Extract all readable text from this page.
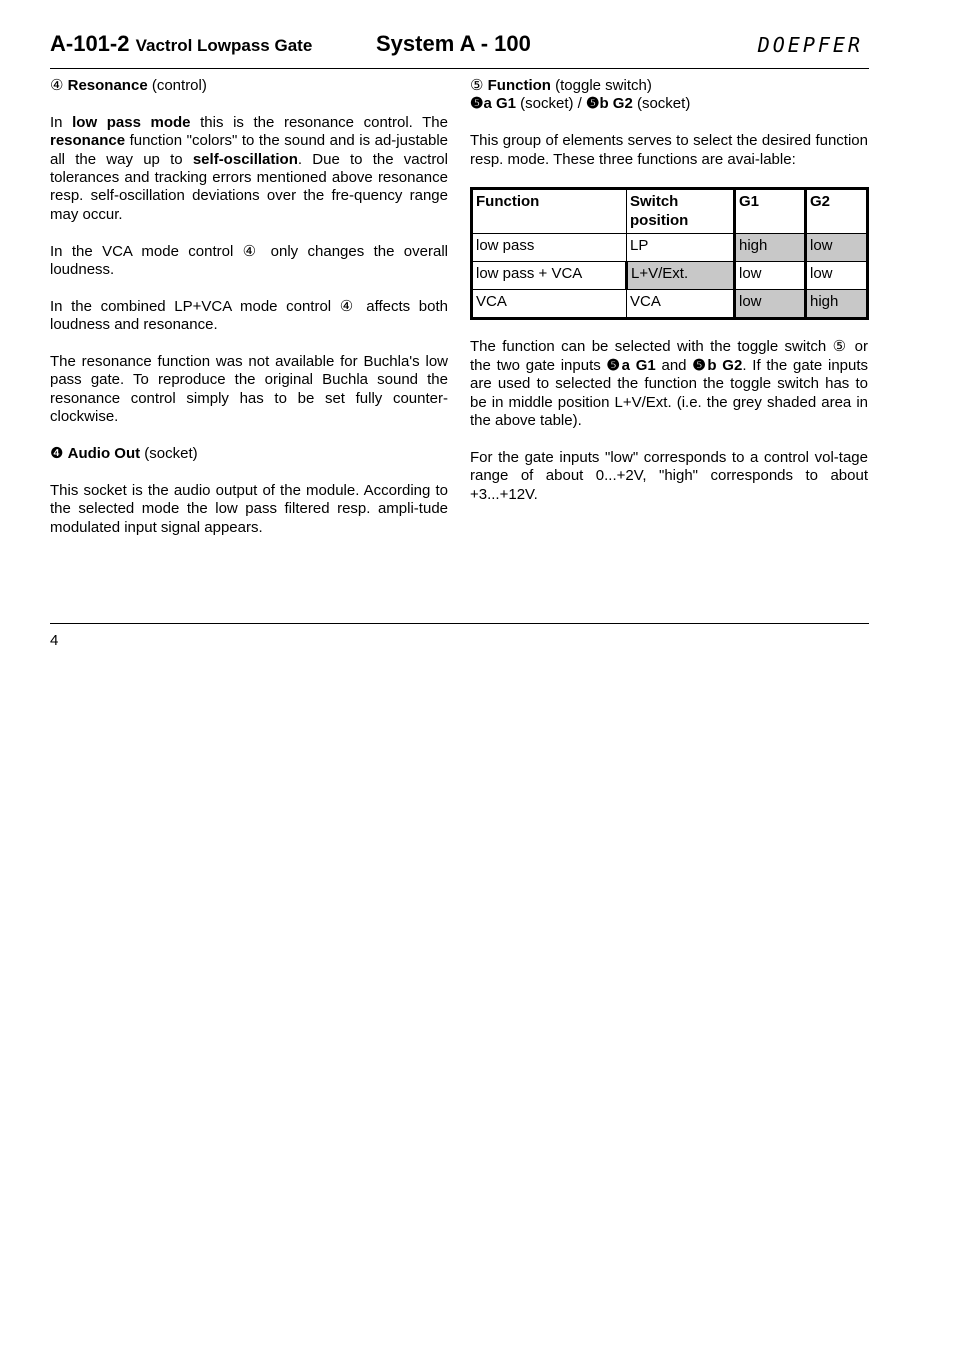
A-101-2 Vactrol Lowpass Gate	System A - 100	DOEPFER

④ Resonance (control)

In low pass mode this is the resonance control. The resonance function "colors" to the sound and is ad-justable all the way up to self-oscillation. Due to the vactrol tolerances and tracking errors mentioned above resonance resp. self-oscillation deviations over the fre-quency range may occur.

In the VCA mode control ④ only changes the overall loudness.

In the combined LP+VCA mode control ④ affects both loudness and resonance.

The resonance function was not available for Buchla's low pass gate. To reproduce the original Buchla sound the resonance control simply has to be set fully counter-clockwise.

❹ Audio Out (socket)

This socket is the audio output of the module. According to the selected mode the low pass filtered resp. ampli-tude modulated input signal appears.

⑤ Function (toggle switch)
❺a G1 (socket) / ❺b G2 (socket)

This group of elements serves to select the desired function resp. mode. These three functions are avai-lable:

Function	Switch position	G1	G2
low pass	LP	high	low
low pass + VCA	L+V/Ext.	low	low
VCA	VCA	low	high

The function can be selected with the toggle switch ⑤ or the two gate inputs ❺a G1 and ❺b G2. If the gate inputs are used to selected the function the toggle switch has to be in middle position L+V/Ext. (i.e. the grey shaded area in the above table).

For the gate inputs "low" corresponds to a control vol-tage range of about 0...+2V, "high" corresponds to about +3...+12V.

4
